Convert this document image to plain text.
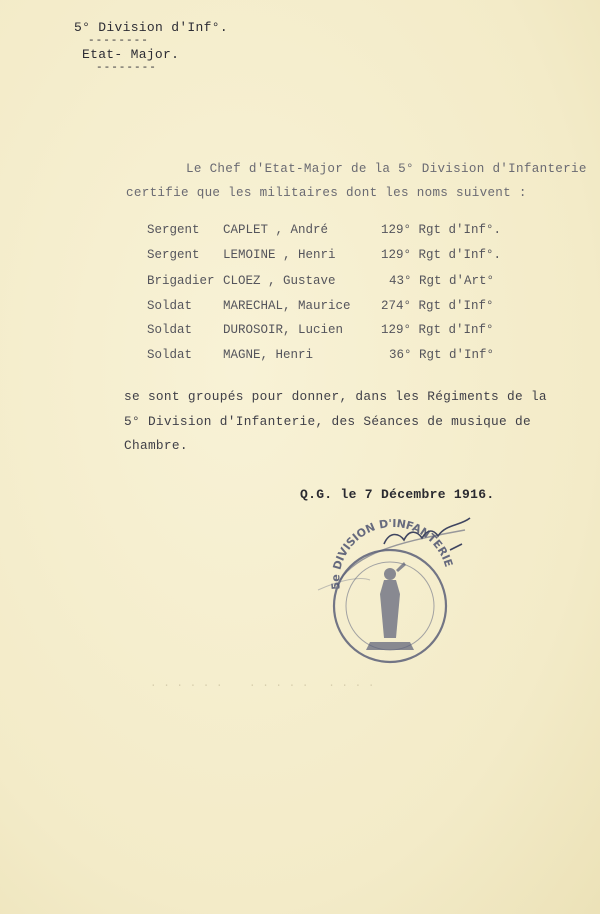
5° Division d'Inf°.
--------
Etat- Major.
--------
Le Chef d'Etat-Major de la 5° Division d'Infanterie
certifie que les militaires dont les noms suivent :
Sergent CAPLET , André	129° Rgt d'Inf°.
Sergent LEMOINE , Henri	129° Rgt d'Inf°.
Brigadier CLOEZ , Gustave	43° Rgt d'Art°
Soldat MARECHAL, Maurice 274° Rgt d'Inf°
Soldat DUROSOIR, Lucien	129° Rgt d'Inf°
Soldat MAGNE, Henri	36° Rgt d'Inf°
se sont groupés pour donner, dans les Régiments de la
5° Division d'Infanterie, des Séances de musique de
Chambre.
Q.G. le 7 Décembre 1916.
. . . . . .    . . . . .   . . . .
5e DIVISION D'INFANTERIE
